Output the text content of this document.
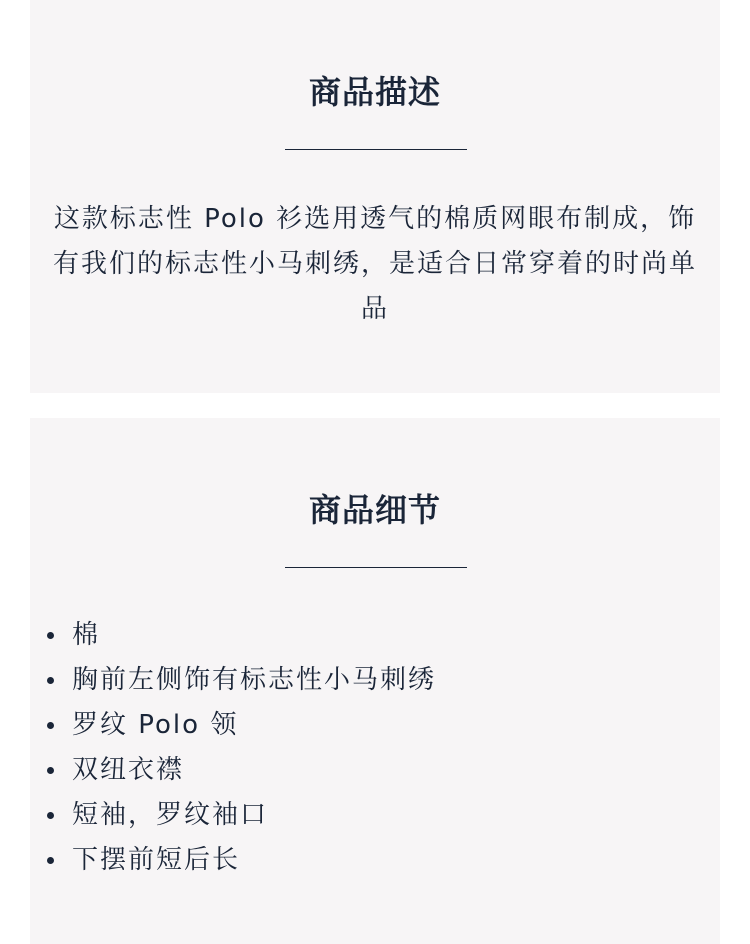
商品描述

这款标志性 Polo 衫选用透气的棉质网眼布制成，饰有我们的标志性小马刺绣，是适合日常穿着的时尚单品

商品细节
棉
胸前左侧饰有标志性小马刺绣
罗纹 Polo 领
双纽衣襟
短袖，罗纹袖口
下摆前短后长
